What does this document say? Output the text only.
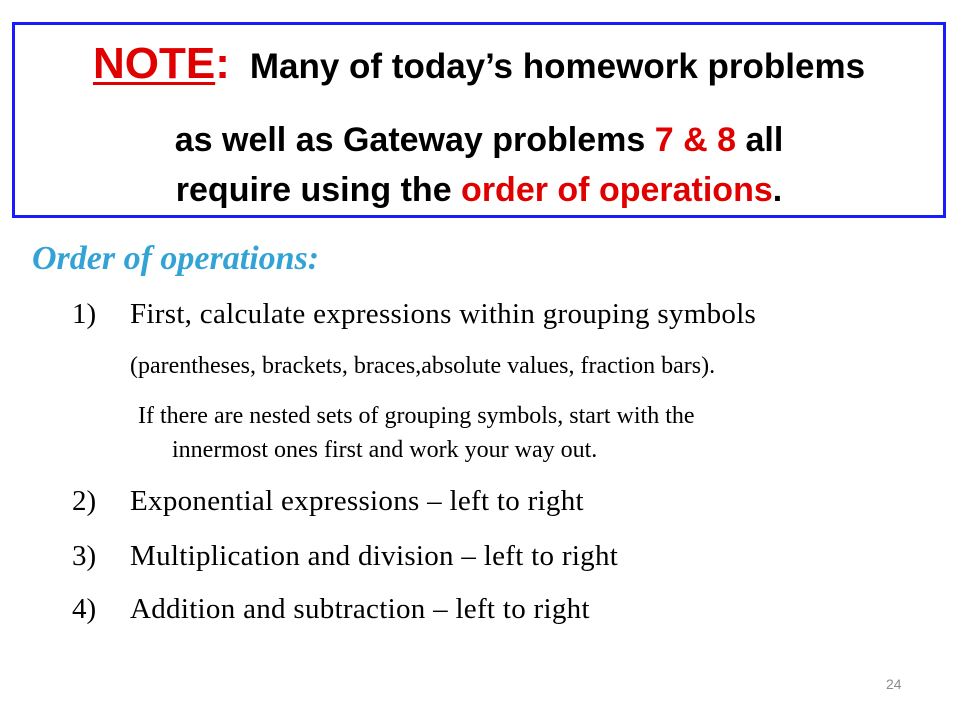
NOTE: Many of today’s homework problems
as well as Gateway problems 7 & 8 all
require using the order of operations.
Order of operations:
1) First, calculate expressions within grouping symbols
(parentheses, brackets, braces,absolute values, fraction bars).
If there are nested sets of grouping symbols, start with the
innermost ones first and work your way out.
2) Exponential expressions – left to right
3) Multiplication and division – left to right
4) Addition and subtraction – left to right
24
